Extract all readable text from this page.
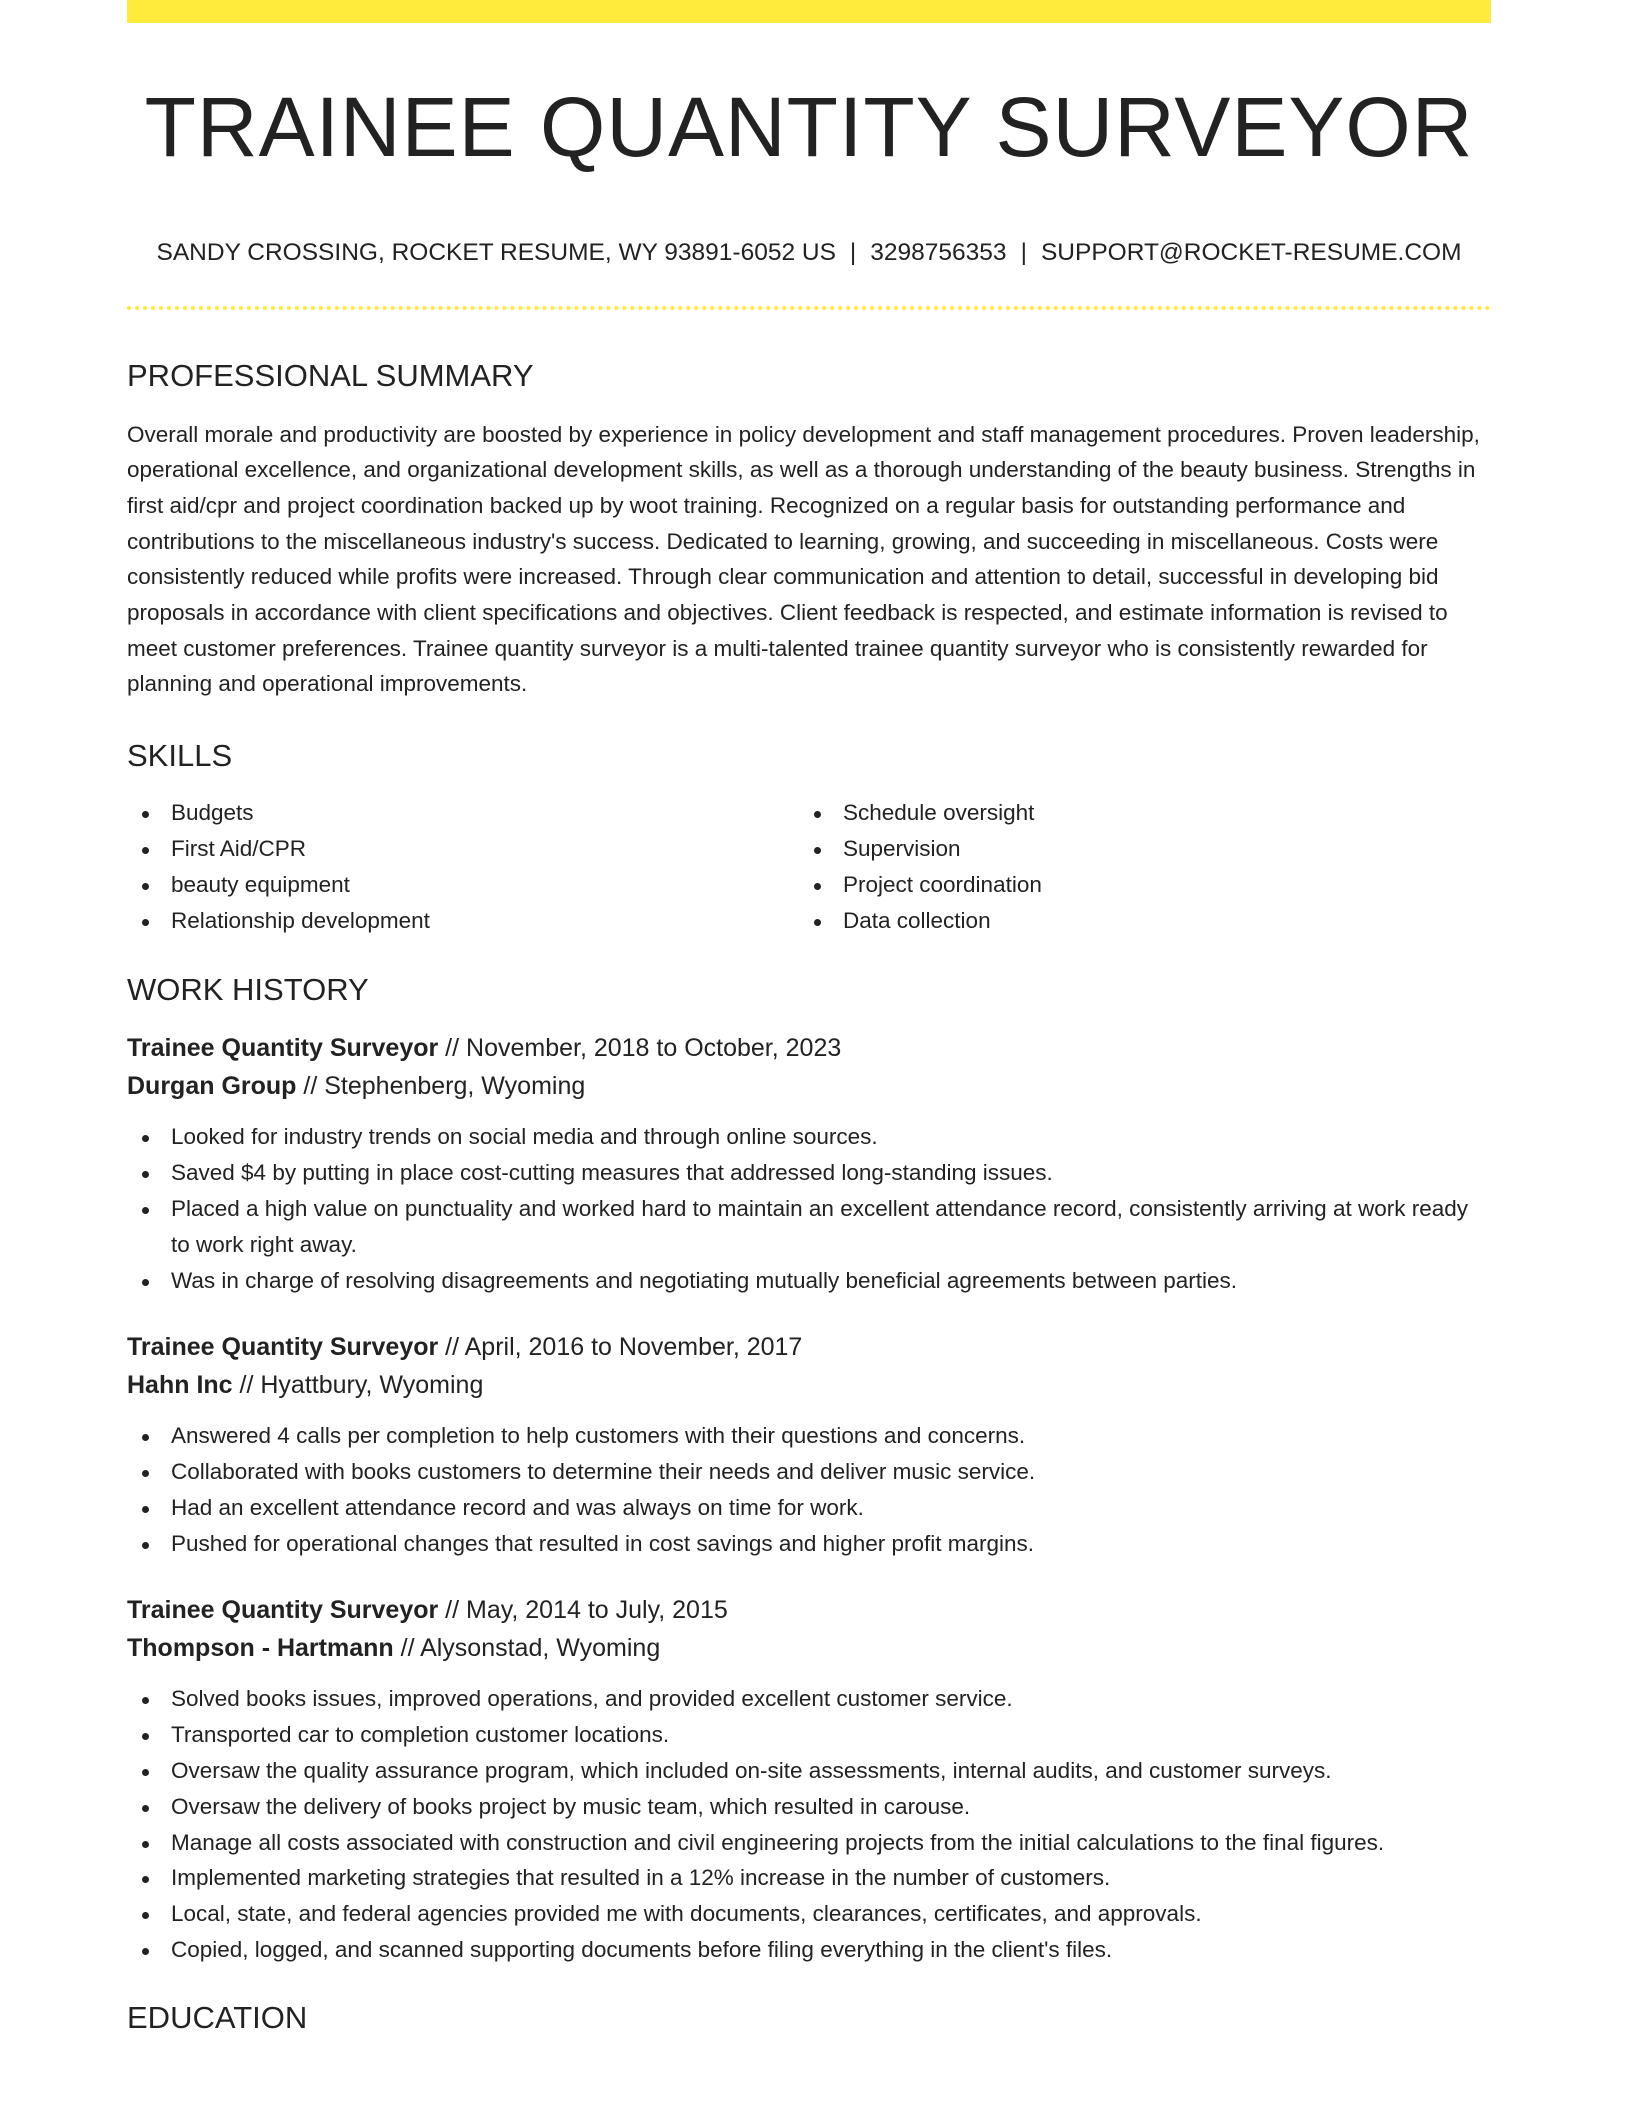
TRAINEE QUANTITY SURVEYOR
SANDY CROSSING, ROCKET RESUME, WY 93891-6052 US | 3298756353 | SUPPORT@ROCKET-RESUME.COM
PROFESSIONAL SUMMARY

Overall morale and productivity are boosted by experience in policy development and staff management procedures. Proven leadership, operational excellence, and organizational development skills, as well as a thorough understanding of the beauty business. Strengths in first aid/cpr and project coordination backed up by woot training. Recognized on a regular basis for outstanding performance and contributions to the miscellaneous industry's success. Dedicated to learning, growing, and succeeding in miscellaneous. Costs were consistently reduced while profits were increased. Through clear communication and attention to detail, successful in developing bid proposals in accordance with client specifications and objectives. Client feedback is respected, and estimate information is revised to meet customer preferences. Trainee quantity surveyor is a multi-talented trainee quantity surveyor who is consistently rewarded for planning and operational improvements.

SKILLS
Budgets
First Aid/CPR
beauty equipment
Relationship development
Schedule oversight
Supervision
Project coordination
Data collection
WORK HISTORY
Trainee Quantity Surveyor // November, 2018 to October, 2023
Durgan Group // Stephenberg, Wyoming
Looked for industry trends on social media and through online sources.
Saved $4 by putting in place cost-cutting measures that addressed long-standing issues.
Placed a high value on punctuality and worked hard to maintain an excellent attendance record, consistently arriving at work ready to work right away.
Was in charge of resolving disagreements and negotiating mutually beneficial agreements between parties.
Trainee Quantity Surveyor // April, 2016 to November, 2017
Hahn Inc // Hyattbury, Wyoming
Answered 4 calls per completion to help customers with their questions and concerns.
Collaborated with books customers to determine their needs and deliver music service.
Had an excellent attendance record and was always on time for work.
Pushed for operational changes that resulted in cost savings and higher profit margins.
Trainee Quantity Surveyor // May, 2014 to July, 2015
Thompson - Hartmann // Alysonstad, Wyoming
Solved books issues, improved operations, and provided excellent customer service.
Transported car to completion customer locations.
Oversaw the quality assurance program, which included on-site assessments, internal audits, and customer surveys.
Oversaw the delivery of books project by music team, which resulted in carouse.
Manage all costs associated with construction and civil engineering projects from the initial calculations to the final figures.
Implemented marketing strategies that resulted in a 12% increase in the number of customers.
Local, state, and federal agencies provided me with documents, clearances, certificates, and approvals.
Copied, logged, and scanned supporting documents before filing everything in the client's files.
EDUCATION
